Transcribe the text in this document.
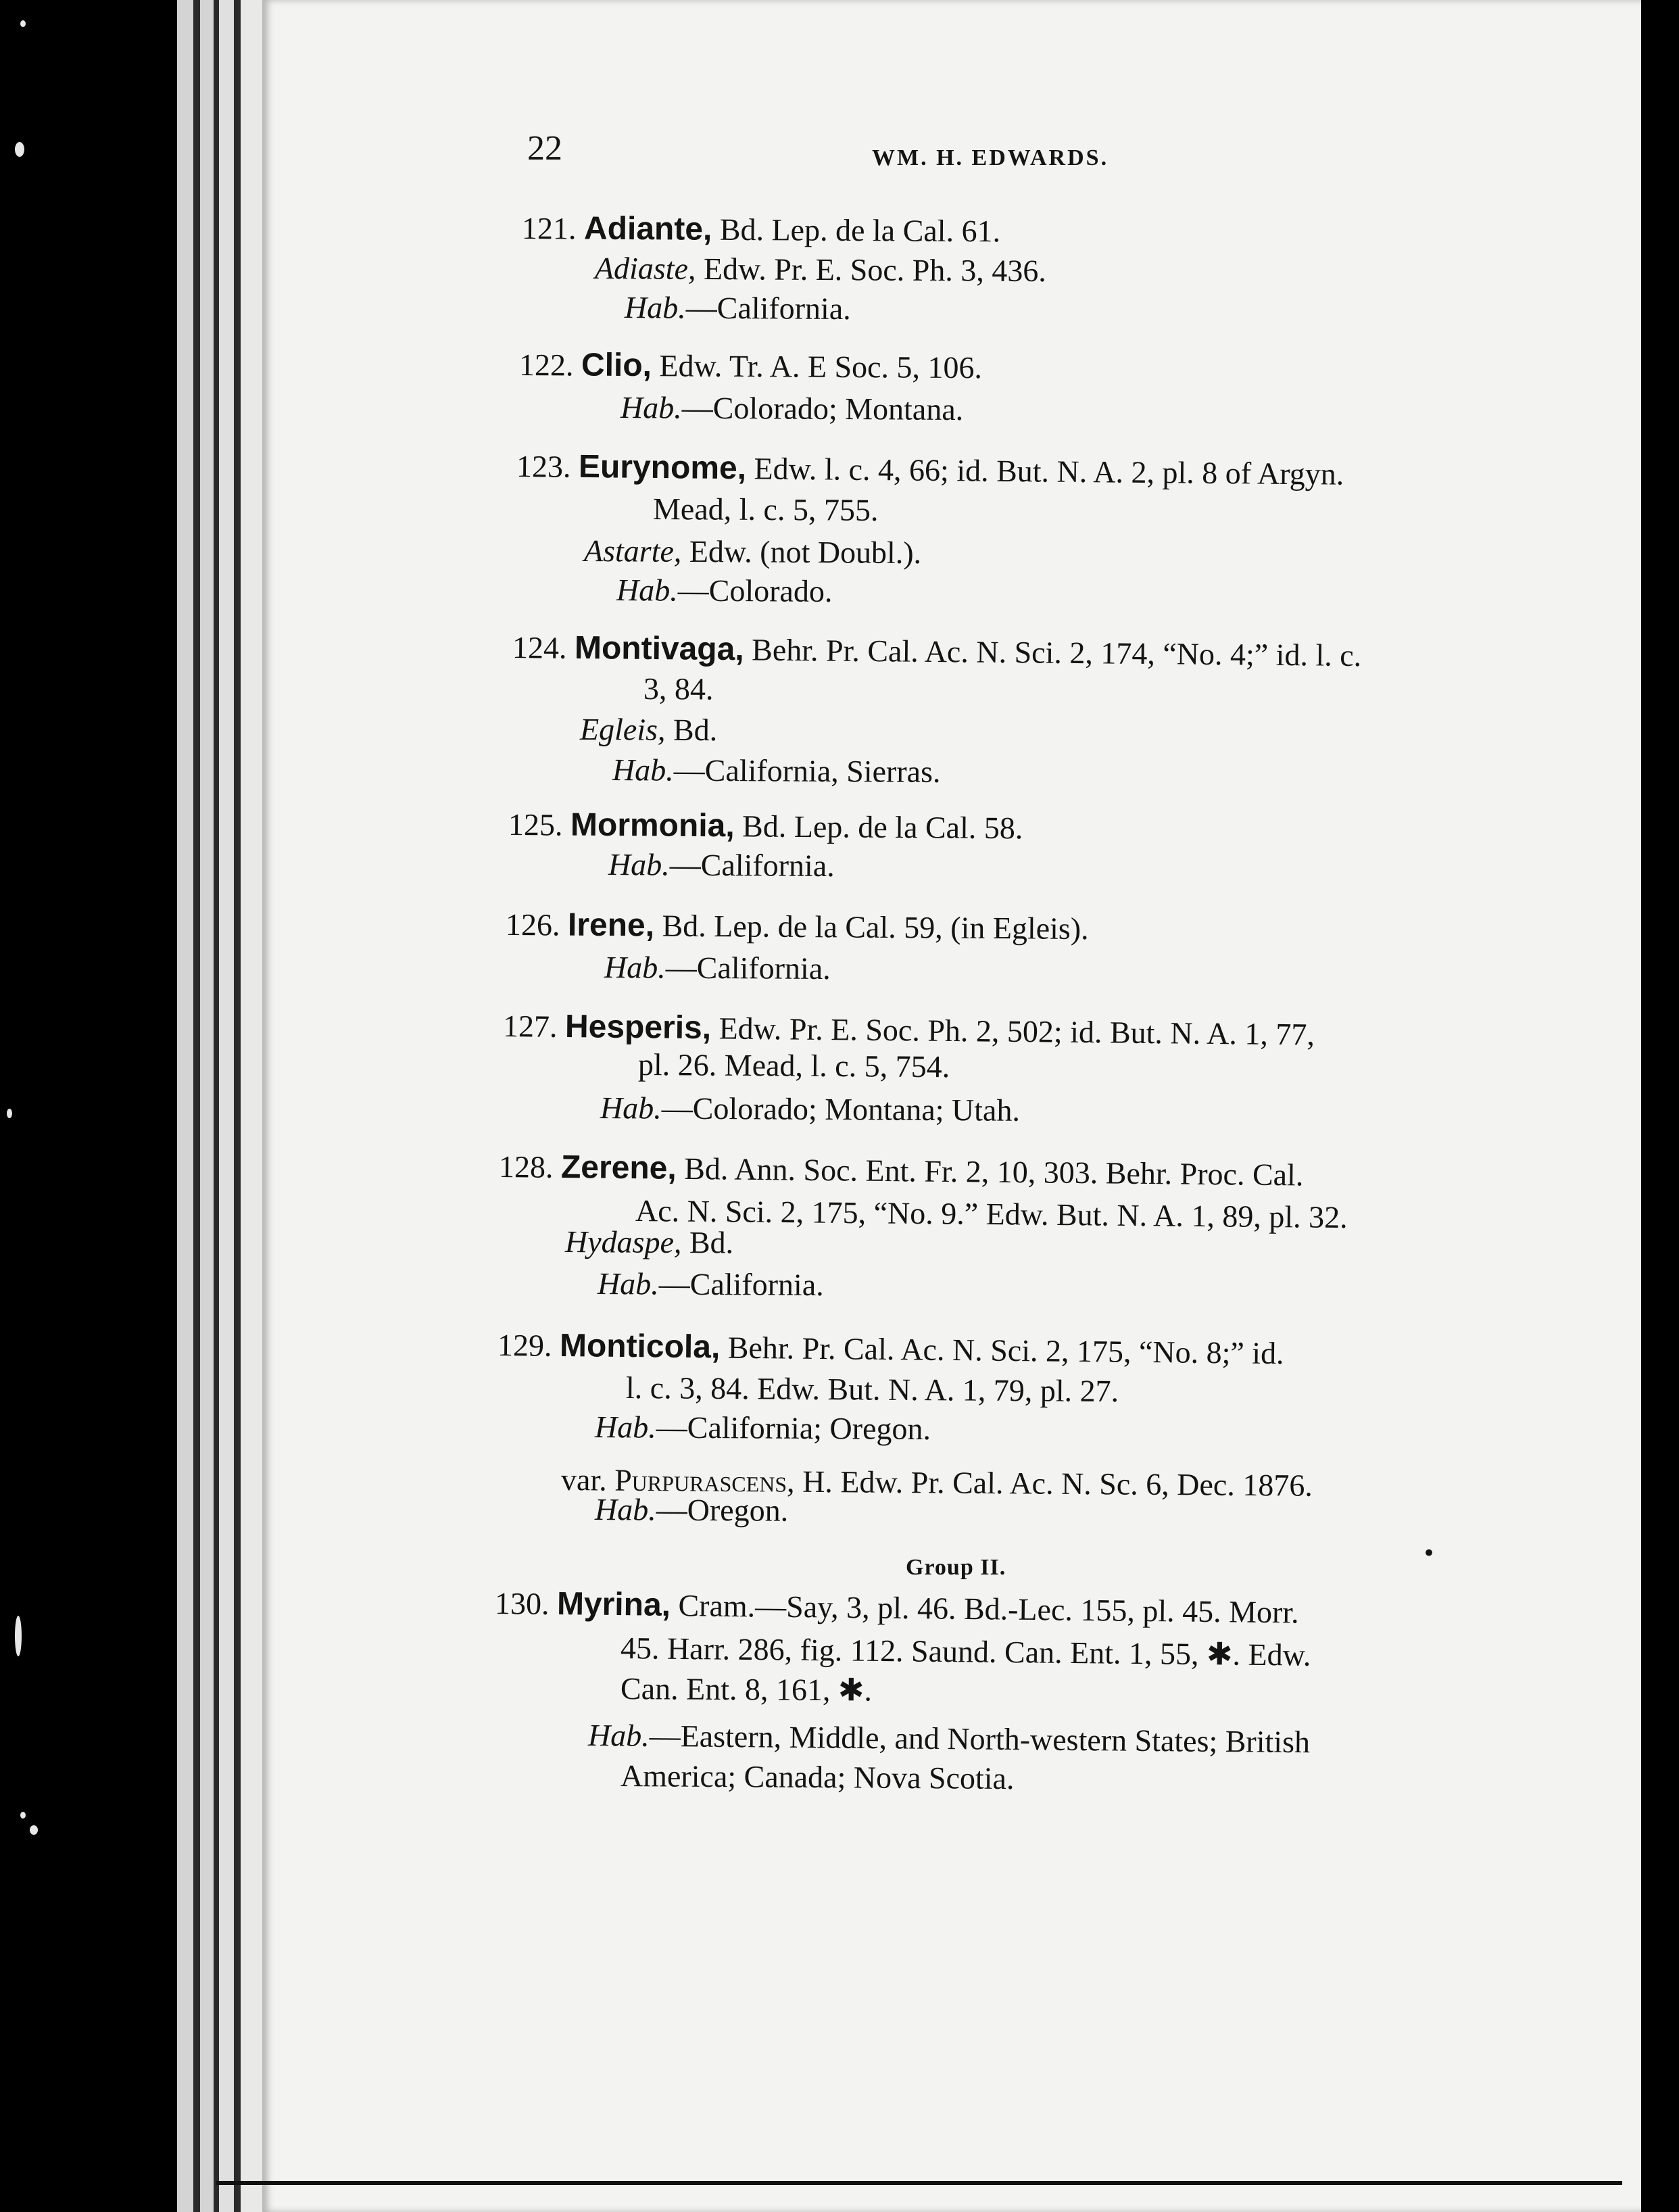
22	WM. H. EDWARDS.
121. Adiante, Bd. Lep. de la Cal. 61.
Adiaste, Edw. Pr. E. Soc. Ph. 3, 436.
Hab.—California.
122. Clio, Edw. Tr. A. E Soc. 5, 106.
Hab.—Colorado; Montana.
123. Eurynome, Edw. l. c. 4, 66; id. But. N. A. 2, pl. 8 of Argyn.
Mead, l. c. 5, 755.
Astarte, Edw. (not Doubl.).
Hab.—Colorado.
124. Montivaga, Behr. Pr. Cal. Ac. N. Sci. 2, 174, “No. 4;” id. l. c.
3, 84.
Egleis, Bd.
Hab.—California, Sierras.
125. Mormonia, Bd. Lep. de la Cal. 58.
Hab.—California.
126. Irene, Bd. Lep. de la Cal. 59, (in Egleis).
Hab.—California.
127. Hesperis, Edw. Pr. E. Soc. Ph. 2, 502; id. But. N. A. 1, 77,
pl. 26. Mead, l. c. 5, 754.
Hab.—Colorado; Montana; Utah.
128. Zerene, Bd. Ann. Soc. Ent. Fr. 2, 10, 303. Behr. Proc. Cal.
Ac. N. Sci. 2, 175, “No. 9.” Edw. But. N. A. 1, 89, pl. 32.
Hydaspe, Bd.
Hab.—California.
129. Monticola, Behr. Pr. Cal. Ac. N. Sci. 2, 175, “No. 8;” id.
l. c. 3, 84. Edw. But. N. A. 1, 79, pl. 27.
Hab.—California; Oregon.
var. Purpurascens, H. Edw. Pr. Cal. Ac. N. Sc. 6, Dec. 1876.
Hab.—Oregon.
Group II.
•
130. Myrina, Cram.—Say, 3, pl. 46. Bd.-Lec. 155, pl. 45. Morr.
45. Harr. 286, fig. 112. Saund. Can. Ent. 1, 55, ✱. Edw.
Can. Ent. 8, 161, ✱.
Hab.—Eastern, Middle, and North-western States; British
America; Canada; Nova Scotia.
